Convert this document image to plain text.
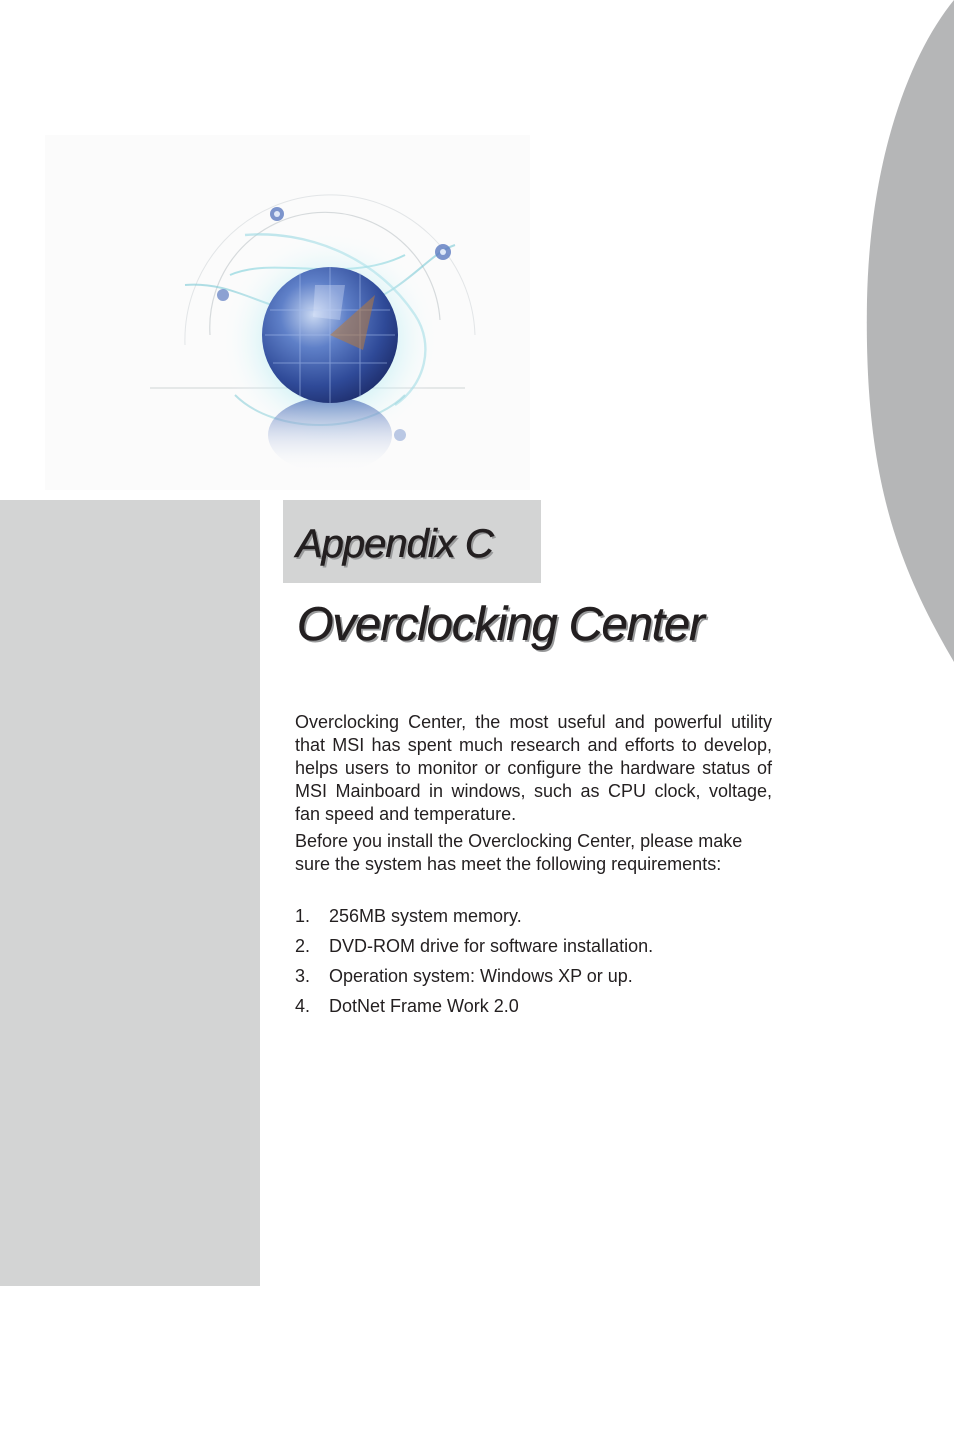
Appendix C
Overclocking Center

Overclocking Center, the most useful and powerful utility that MSI has spent much research and efforts to develop, helps users to monitor or configure the hardware status of MSI Mainboard in windows, such as CPU clock, voltage, fan speed and temperature.

Before you install the Overclocking Center, please make sure the system has meet the following requirements:

1.	256MB system memory.
2.	DVD-ROM drive for software installation.
3.	Operation system: Windows XP or up.
4.	DotNet Frame Work 2.0
